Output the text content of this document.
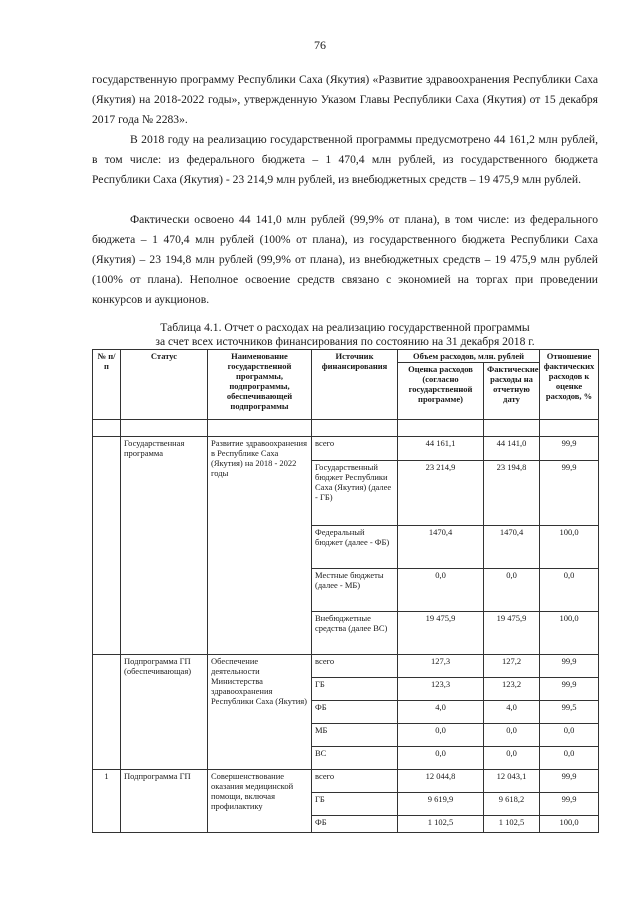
76

государственную программу Республики Саха (Якутия) «Развитие здравоохранения Республики Саха (Якутия) на 2018-2022 годы», утвержденную Указом Главы Республики Саха (Якутия) от 15 декабря 2017 года № 2283».

В 2018 году на реализацию государственной программы предусмотрено 44 161,2 млн рублей, в том числе: из федерального бюджета – 1 470,4 млн рублей, из государственного бюджета Республики Саха (Якутия) - 23 214,9 млн рублей, из внебюджетных средств – 19 475,9 млн рублей.

Фактически освоено 44 141,0 млн рублей (99,9% от плана), в том числе: из федерального бюджета – 1 470,4 млн рублей (100% от плана), из государственного бюджета Республики Саха (Якутия) – 23 194,8 млн рублей (99,9% от плана), из внебюджетных средств – 19 475,9 млн рублей (100% от плана). Неполное освоение средств связано с экономией на торгах при проведении конкурсов и аукционов.

Таблица 4.1. Отчет о расходах на реализацию государственной программы
за счет всех источников финансирования по состоянию на 31 декабря 2018 г.
№ п/п	Статус	Наименование государственной программы, подпрограммы, обеспечивающей подпрограммы	Источник финансирования	Объем расходов, млн. рублей		Отношение фактических расходов к оценке расходов, %
				Оценка расходов (согласно государственной программе)	Фактические расходы на отчетную дату	

	Государственная программа	Развитие здравоохранения в Республике Саха (Якутия) на 2018 - 2022 годы	всего	44 161,1	44 141,0	99,9
			Государственный бюджет Республики Саха (Якутия) (далее - ГБ)	23 214,9	23 194,8	99,9
			Федеральный бюджет (далее - ФБ)	1470,4	1470,4	100,0
			Местные бюджеты (далее - МБ)	0,0	0,0	0,0
			Внебюджетные средства (далее ВС)	19 475,9	19 475,9	100,0
	Подпрограмма ГП (обеспечивающая)	Обеспечение деятельности Министерства здравоохранения Республики Саха (Якутия)	всего	127,3	127,2	99,9
			ГБ	123,3	123,2	99,9
			ФБ	4,0	4,0	99,5
			МБ	0,0	0,0	0,0
			ВС	0,0	0,0	0,0
1	Подпрограмма ГП	Совершенствование оказания медицинской помощи, включая профилактику	всего	12 044,8	12 043,1	99,9
			ГБ	9 619,9	9 618,2	99,9
			ФБ	1 102,5	1 102,5	100,0
